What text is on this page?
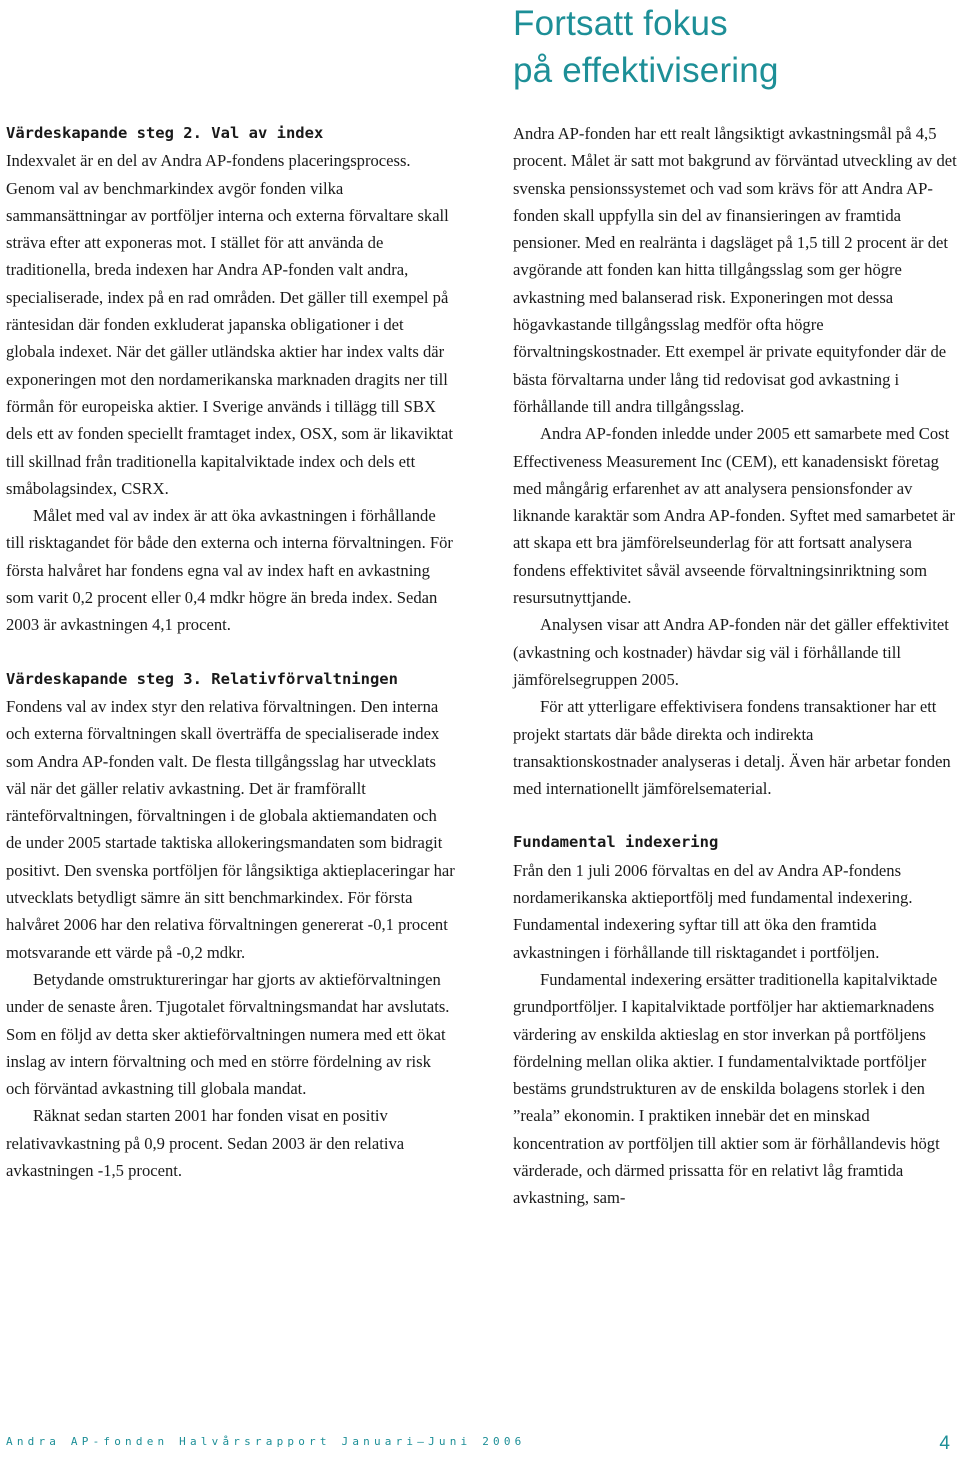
Fortsatt fokus
på effektivisering
Värdeskapande steg 2. Val av index

Indexvalet är en del av Andra AP-fondens placeringsprocess. Genom val av benchmarkindex avgör fonden vilka sammansättningar av portföljer interna och externa förvaltare skall sträva efter att exponeras mot. I stället för att använda de traditionella, breda indexen har Andra AP-fonden valt andra, specialiserade, index på en rad områden. Det gäller till exempel på räntesidan där fonden exkluderat japanska obligationer i det globala indexet. När det gäller utländska aktier har index valts där exponeringen mot den nordamerikanska marknaden dragits ner till förmån för europeiska aktier. I Sverige används i tillägg till SBX dels ett av fonden speciellt framtaget index, OSX, som är likaviktat till skillnad från traditionella kapitalviktade index och dels ett småbolagsindex, CSRX.

Målet med val av index är att öka avkastningen i förhållande till risktagandet för både den externa och interna förvaltningen. För första halvåret har fondens egna val av index haft en avkastning som varit 0,2 procent eller 0,4 mdkr högre än breda index. Sedan 2003 är avkastningen 4,1 procent.

Värdeskapande steg 3. Relativförvaltningen

Fondens val av index styr den relativa förvaltningen. Den interna och externa förvaltningen skall överträffa de specialiserade index som Andra AP-fonden valt. De flesta tillgångsslag har utvecklats väl när det gäller relativ avkastning. Det är framförallt ränteförvaltningen, förvaltningen i de globala aktiemandaten och de under 2005 startade taktiska allokeringsmandaten som bidragit positivt. Den svenska portföljen för långsiktiga aktieplaceringar har utvecklats betydligt sämre än sitt benchmarkindex. För första halvåret 2006 har den relativa förvaltningen genererat -0,1 procent motsvarande ett värde på -0,2 mdkr.

Betydande omstruktureringar har gjorts av aktieförvaltningen under de senaste åren. Tjugotalet förvaltningsmandat har avslutats. Som en följd av detta sker aktieförvaltningen numera med ett ökat inslag av intern förvaltning och med en större fördelning av risk och förväntad avkastning till globala mandat.

Räknat sedan starten 2001 har fonden visat en positiv relativavkastning på 0,9 procent. Sedan 2003 är den relativa avkastningen -1,5 procent.

Andra AP-fonden har ett realt långsiktigt avkastningsmål på 4,5 procent. Målet är satt mot bakgrund av förväntad utveckling av det svenska pensionssystemet och vad som krävs för att Andra AP-fonden skall uppfylla sin del av finansieringen av framtida pensioner. Med en realränta i dagsläget på 1,5 till 2 procent är det avgörande att fonden kan hitta tillgångsslag som ger högre avkastning med balanserad risk. Exponeringen mot dessa högavkastande tillgångsslag medför ofta högre förvaltningskostnader. Ett exempel är private equityfonder där de bästa förvaltarna under lång tid redovisat god avkastning i förhållande till andra tillgångsslag.

Andra AP-fonden inledde under 2005 ett samarbete med Cost Effectiveness Measurement Inc (CEM), ett kanadensiskt företag med mångårig erfarenhet av att analysera pensionsfonder av liknande karaktär som Andra AP-fonden. Syftet med samarbetet är att skapa ett bra jämförelseunderlag för att fortsatt analysera fondens effektivitet såväl avseende förvaltningsinriktning som resursutnyttjande.

Analysen visar att Andra AP-fonden när det gäller effektivitet (avkastning och kostnader) hävdar sig väl i förhållande till jämförelsegruppen 2005.

För att ytterligare effektivisera fondens transaktioner har ett projekt startats där både direkta och indirekta transaktionskostnader analyseras i detalj. Även här arbetar fonden med internationellt jämförelsematerial.

Fundamental indexering

Från den 1 juli 2006 förvaltas en del av Andra AP-fondens nordamerikanska aktieportfölj med fundamental indexering. Fundamental indexering syftar till att öka den framtida avkastningen i förhållande till risktagandet i portföljen.

Fundamental indexering ersätter traditionella kapitalviktade grundportföljer. I kapitalviktade portföljer har aktiemarknadens värdering av enskilda aktieslag en stor inverkan på portföljens fördelning mellan olika aktier. I fundamentalviktade portföljer bestäms grundstrukturen av de enskilda bolagens storlek i den ”reala” ekonomin. I praktiken innebär det en minskad koncentration av portföljen till aktier som är förhållandevis högt värderade, och därmed prissatta för en relativt låg framtida avkastning, sam-

Andra AP-fonden Halvårsrapport Januari–Juni 2006	4
